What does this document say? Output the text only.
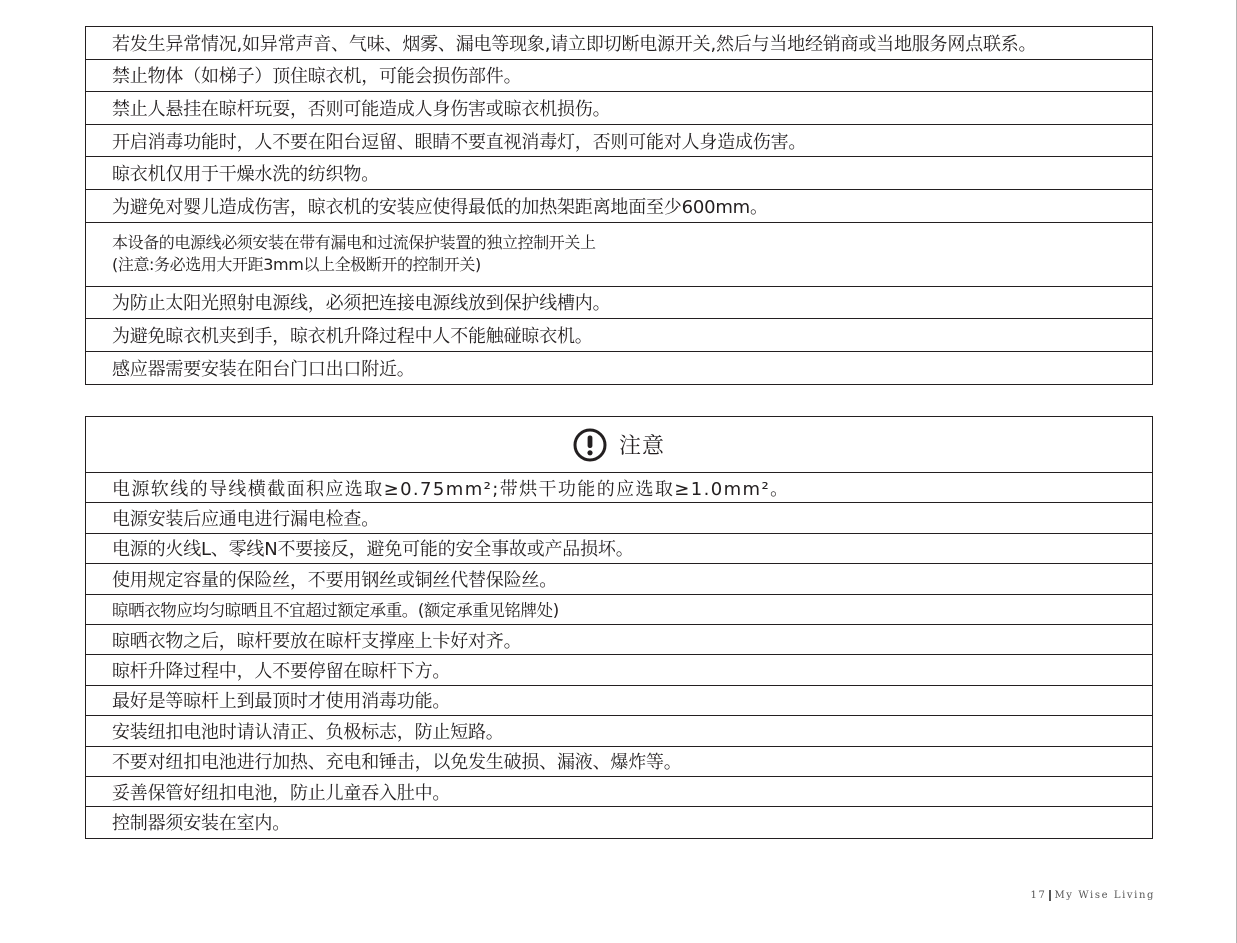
若发生异常情况,如异常声音、气味、烟雾、漏电等现象,请立即切断电源开关,然后与当地经销商或当地服务网点联系。
禁止物体（如梯子）顶住晾衣机，可能会损伤部件。
禁止人悬挂在晾杆玩耍，否则可能造成人身伤害或晾衣机损伤。
开启消毒功能时，人不要在阳台逗留、眼睛不要直视消毒灯，否则可能对人身造成伤害。
晾衣机仅用于干燥水洗的纺织物。
为避免对婴儿造成伤害，晾衣机的安装应使得最低的加热架距离地面至少600mm。
本设备的电源线必须安装在带有漏电和过流保护装置的独立控制开关上
(注意:务必选用大开距3mm以上全极断开的控制开关)
为防止太阳光照射电源线，必须把连接电源线放到保护线槽内。
为避免晾衣机夹到手，晾衣机升降过程中人不能触碰晾衣机。
感应器需要安装在阳台门口出口附近。
注意
电源软线的导线横截面积应选取≥0.75mm²;带烘干功能的应选取≥1.0mm²。
电源安装后应通电进行漏电检查。
电源的火线L、零线N不要接反，避免可能的安全事故或产品损坏。
使用规定容量的保险丝，不要用钢丝或铜丝代替保险丝。
晾晒衣物应均匀晾晒且不宜超过额定承重。(额定承重见铭牌处)
晾晒衣物之后，晾杆要放在晾杆支撑座上卡好对齐。
晾杆升降过程中，人不要停留在晾杆下方。
最好是等晾杆上到最顶时才使用消毒功能。
安装纽扣电池时请认清正、负极标志，防止短路。
不要对纽扣电池进行加热、充电和锤击，以免发生破损、漏液、爆炸等。
妥善保管好纽扣电池，防止儿童吞入肚中。
控制器须安装在室内。
17 My Wise Living
